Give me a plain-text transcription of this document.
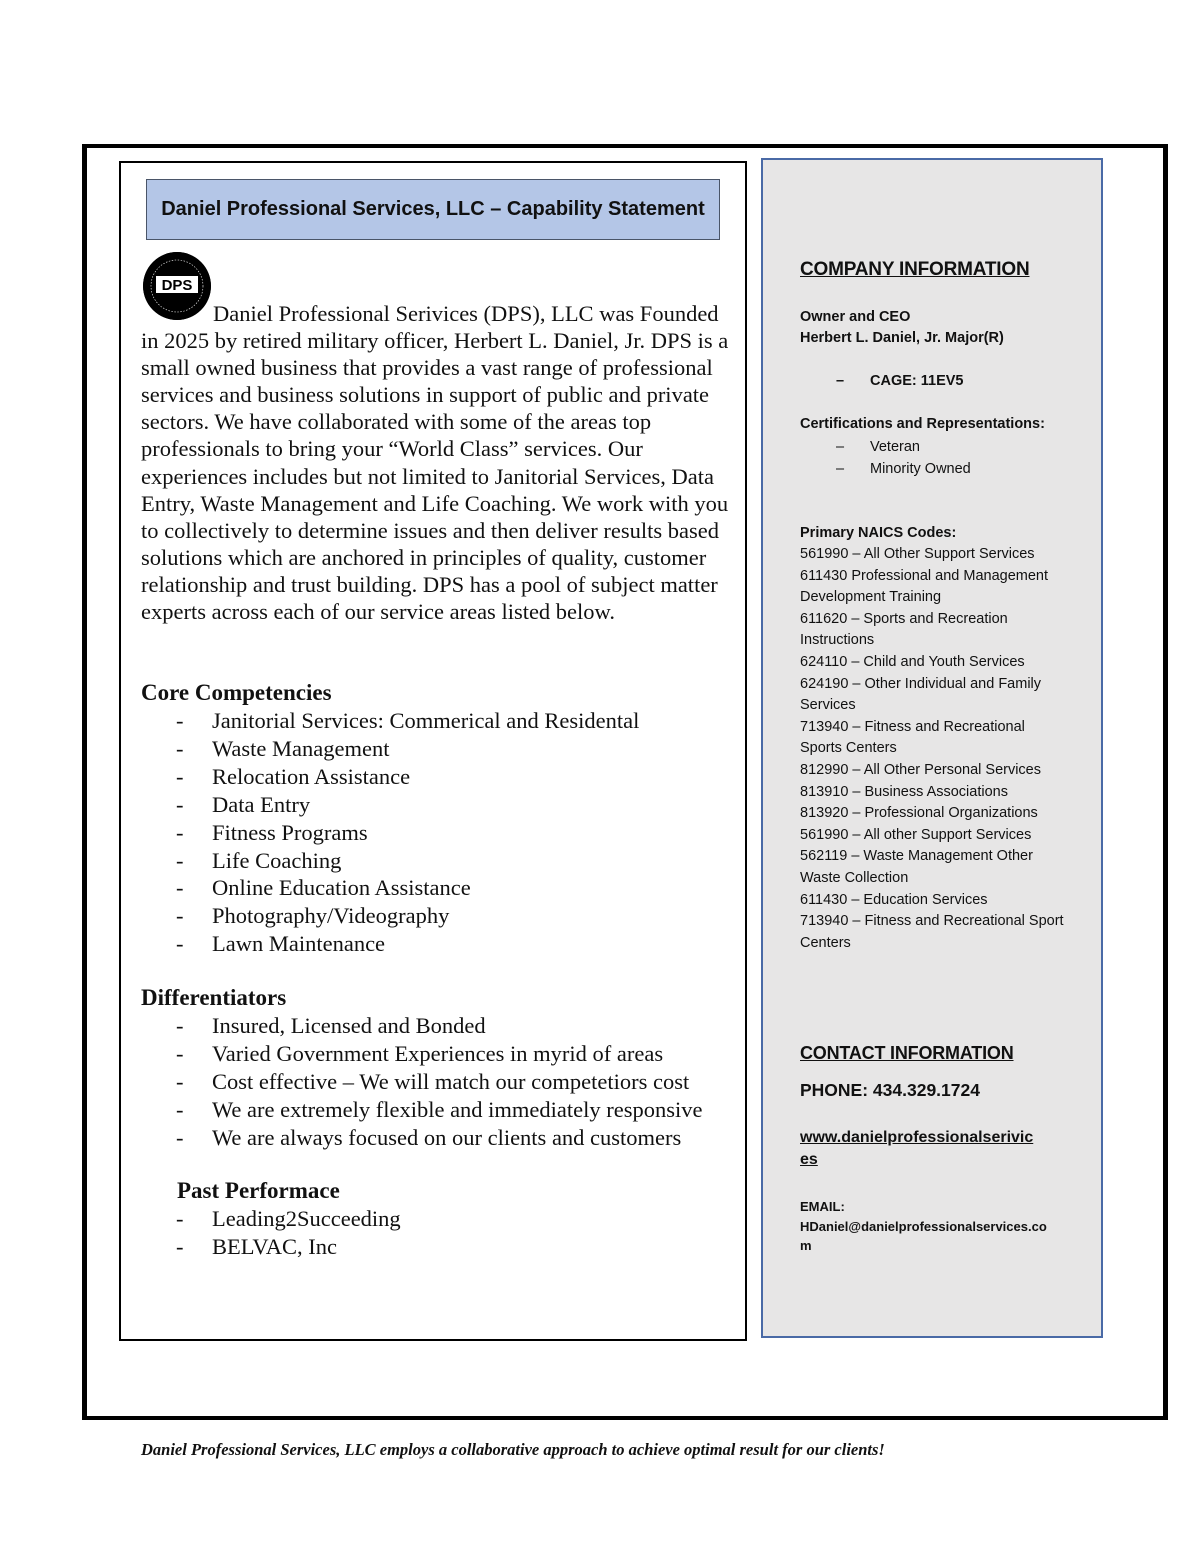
Daniel Professional Services, LLC – Capability Statement
DPS

Daniel Professional Serivices (DPS), LLC was Founded in 2025 by retired military officer, Herbert L. Daniel, Jr. DPS is a small owned business that provides a vast range of professional services and business solutions in support of public and private sectors. We have collaborated with some of the areas top professionals to bring your “World Class” services. Our experiences includes but not limited to Janitorial Services, Data Entry, Waste Management and Life Coaching. We work with you to collectively to determine issues and then deliver results based solutions which are anchored in principles of quality, customer relationship and trust building. DPS has a pool of subject matter experts across each of our service areas listed below.

Core Competencies
- Janitorial Services: Commerical and Residental
- Waste Management
- Relocation Assistance
- Data Entry
- Fitness Programs
- Life Coaching
- Online Education Assistance
- Photography/Videography
- Lawn Maintenance
Differentiators
- Insured, Licensed and Bonded
- Varied Government Experiences in myrid of areas
- Cost effective – We will match our competetiors cost
- We are extremely flexible and immediately responsive
- We are always focused on our clients and customers
Past Performace
- Leading2Succeeding
- BELVAC, Inc
COMPANY INFORMATION
Owner and CEO
Herbert L. Daniel, Jr. Major(R)
– CAGE: 11EV5
Certifications and Representations:
– Veteran
– Minority Owned
Primary NAICS Codes:
561990 – All Other Support Services
611430 Professional and Management Development Training
611620 – Sports and Recreation Instructions
624110 – Child and Youth Services
624190 – Other Individual and Family Services
713940 – Fitness and Recreational Sports Centers
812990 – All Other Personal Services
813910 – Business Associations
813920 – Professional Organizations
561990 – All other Support Services
562119 – Waste Management Other Waste Collection
611430 – Education Services
713940 – Fitness and Recreational Sport Centers
CONTACT INFORMATION
PHONE: 434.329.1724
www.danielprofessionalserivic
es
EMAIL:
HDaniel@danielprofessionalservices.co
m
Daniel Professional Services, LLC employs a collaborative approach to achieve optimal result for our clients!
